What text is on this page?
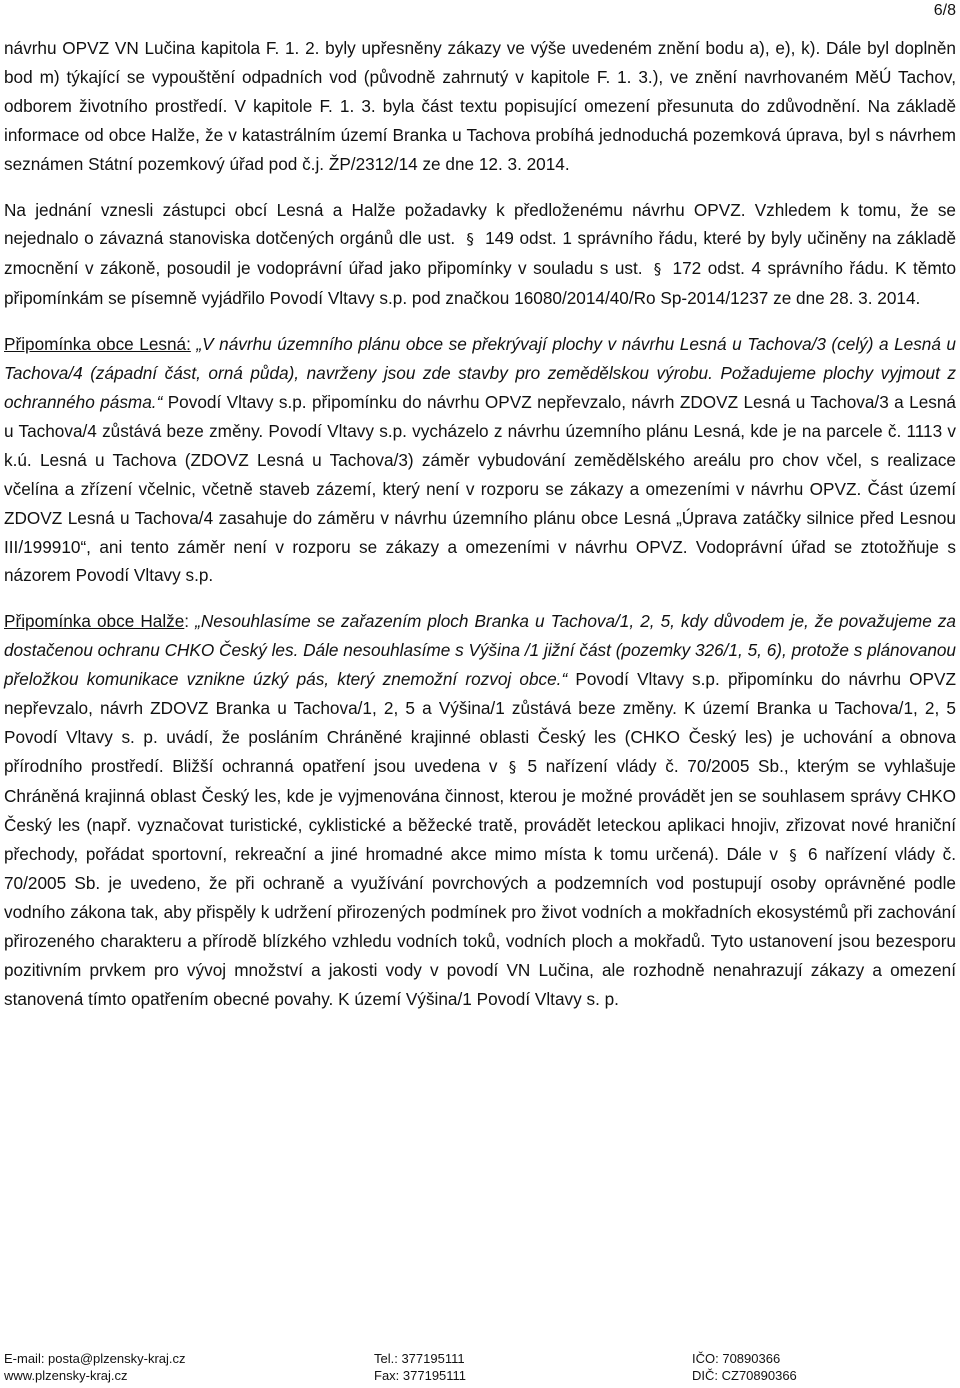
6/8

návrhu OPVZ VN Lučina kapitola F. 1. 2. byly upřesněny zákazy ve výše uvedeném znění bodu a), e), k). Dále byl doplněn bod m) týkající se vypouštění odpadních vod (původně zahrnutý v kapitole F. 1. 3.), ve znění navrhovaném MěÚ Tachov, odborem životního prostředí. V kapitole F. 1. 3. byla část textu popisující omezení přesunuta do zdůvodnění. Na základě informace od obce Halže, že v katastrálním území Branka u Tachova probíhá jednoduchá pozemková úprava, byl s návrhem seznámen Státní pozemkový úřad pod č.j. ŽP/2312/14 ze dne 12. 3. 2014.

Na jednání vznesli zástupci obcí Lesná a Halže požadavky k předloženému návrhu OPVZ. Vzhledem k tomu, že se nejednalo o závazná stanoviska dotčených orgánů dle ust. § 149 odst. 1 správního řádu, které by byly učiněny na základě zmocnění v zákoně, posoudil je vodoprávní úřad jako připomínky v souladu s ust. § 172 odst. 4 správního řádu. K těmto připomínkám se písemně vyjádřilo Povodí Vltavy s.p. pod značkou 16080/2014/40/Ro Sp-2014/1237 ze dne 28. 3. 2014.

Připomínka obce Lesná: „V návrhu územního plánu obce se překrývají plochy v návrhu Lesná u Tachova/3 (celý) a Lesná u Tachova/4 (západní část, orná půda), navrženy jsou zde stavby pro zemědělskou výrobu. Požadujeme plochy vyjmout z ochranného pásma.“ Povodí Vltavy s.p. připomínku do návrhu OPVZ nepřevzalo, návrh ZDOVZ Lesná u Tachova/3 a Lesná u Tachova/4 zůstává beze změny. Povodí Vltavy s.p. vycházelo z návrhu územního plánu Lesná, kde je na parcele č. 1113 v k.ú. Lesná u Tachova (ZDOVZ Lesná u Tachova/3) záměr vybudování zemědělského areálu pro chov včel, s realizace včelína a zřízení včelnic, včetně staveb zázemí, který není v rozporu se zákazy a omezeními v návrhu OPVZ. Část území ZDOVZ Lesná u Tachova/4 zasahuje do záměru v návrhu územního plánu obce Lesná „Úprava zatáčky silnice před Lesnou III/199910“, ani tento záměr není v rozporu se zákazy a omezeními v návrhu OPVZ. Vodoprávní úřad se ztotožňuje s názorem Povodí Vltavy s.p.

Připomínka obce Halže: „Nesouhlasíme se zařazením ploch Branka u Tachova/1, 2, 5, kdy důvodem je, že považujeme za dostačenou ochranu CHKO Český les. Dále nesouhlasíme s Výšina /1 jižní část (pozemky 326/1, 5, 6), protože s plánovanou přeložkou komunikace vznikne úzký pás, který znemožní rozvoj obce.“ Povodí Vltavy s.p. připomínku do návrhu OPVZ nepřevzalo, návrh ZDOVZ Branka u Tachova/1, 2, 5 a Výšina/1 zůstává beze změny. K území Branka u Tachova/1, 2, 5 Povodí Vltavy s. p. uvádí, že posláním Chráněné krajinné oblasti Český les (CHKO Český les) je uchování a obnova přírodního prostředí. Bližší ochranná opatření jsou uvedena v § 5 nařízení vlády č. 70/2005 Sb., kterým se vyhlašuje Chráněná krajinná oblast Český les, kde je vyjmenována činnost, kterou je možné provádět jen se souhlasem správy CHKO Český les (např. vyznačovat turistické, cyklistické a běžecké tratě, provádět leteckou aplikaci hnojiv, zřizovat nové hraniční přechody, pořádat sportovní, rekreační a jiné hromadné akce mimo místa k tomu určená). Dále v § 6 nařízení vlády č. 70/2005 Sb. je uvedeno, že při ochraně a využívání povrchových a podzemních vod postupují osoby oprávněné podle vodního zákona tak, aby přispěly k udržení přirozených podmínek pro život vodních a mokřadních ekosystémů při zachování přirozeného charakteru a přírodě blízkého vzhledu vodních toků, vodních ploch a mokřadů. Tyto ustanovení jsou bezesporu pozitivním prvkem pro vývoj množství a jakosti vody v povodí VN Lučina, ale rozhodně nenahrazují zákazy a omezení stanovená tímto opatřením obecné povahy. K území Výšina/1 Povodí Vltavy s. p.

E-mail: posta@plzensky-kraj.cz
www.plzensky-kraj.cz
Tel.: 377195111
Fax: 377195111
IČO: 70890366
DIČ: CZ70890366
